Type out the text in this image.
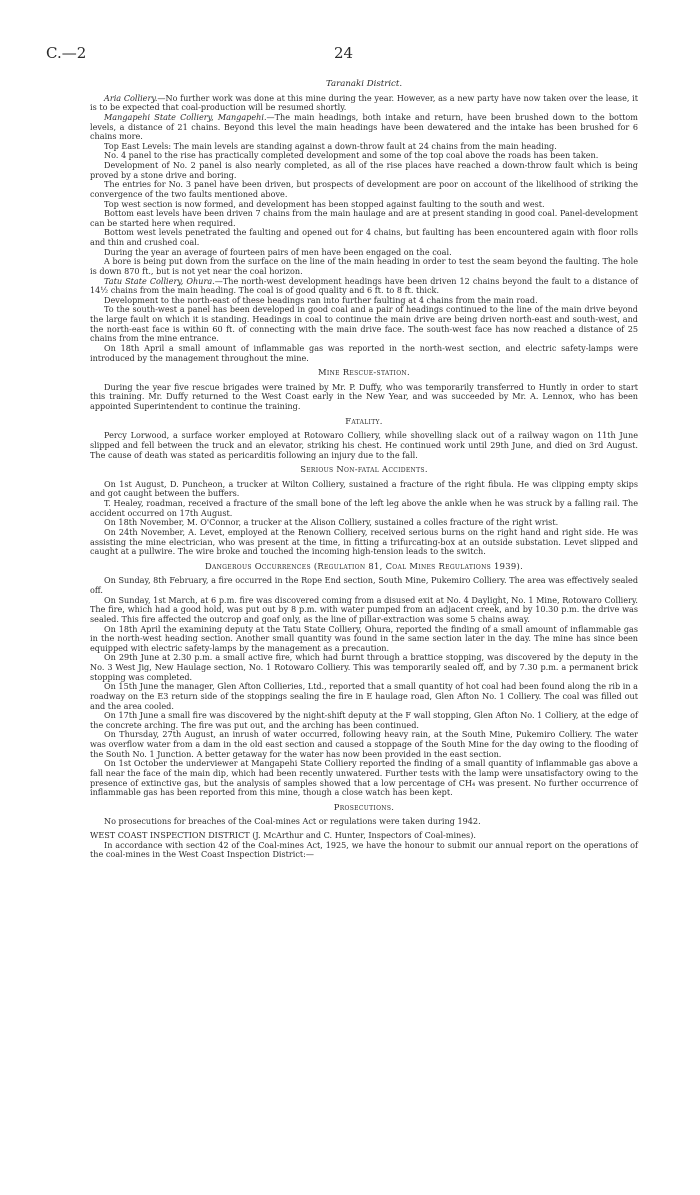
C.—2	24
Taranaki District.

Aria Colliery.—No further work was done at this mine during the year. However, as a new party have now taken over the lease, it is to be expected that coal-production will be resumed shortly.

Mangapehi State Colliery, Mangapehi.—The main headings, both intake and return, have been brushed down to the bottom levels, a distance of 21 chains. Beyond this level the main headings have been dewatered and the intake has been brushed for 6 chains more.

Top East Levels: The main levels are standing against a down-throw fault at 24 chains from the main heading.

No. 4 panel to the rise has practically completed development and some of the top coal above the roads has been taken.

Development of No. 2 panel is also nearly completed, as all of the rise places have reached a down-throw fault which is being proved by a stone drive and boring.

The entries for No. 3 panel have been driven, but prospects of development are poor on account of the likelihood of striking the convergence of the two faults mentioned above.

Top west section is now formed, and development has been stopped against faulting to the south and west.

Bottom east levels have been driven 7 chains from the main haulage and are at present standing in good coal. Panel-development can be started here when required.

Bottom west levels penetrated the faulting and opened out for 4 chains, but faulting has been encountered again with floor rolls and thin and crushed coal.

During the year an average of fourteen pairs of men have been engaged on the coal.

A bore is being put down from the surface on the line of the main heading in order to test the seam beyond the faulting. The hole is down 870 ft., but is not yet near the coal horizon.

Tatu State Colliery, Ohura.—The north-west development headings have been driven 12 chains beyond the fault to a distance of 14½ chains from the main heading. The coal is of good quality and 6 ft. to 8 ft. thick.

Development to the north-east of these headings ran into further faulting at 4 chains from the main road.

To the south-west a panel has been developed in good coal and a pair of headings continued to the line of the main drive beyond the large fault on which it is standing. Headings in coal to continue the main drive are being driven north-east and south-west, and the north-east face is within 60 ft. of connecting with the main drive face. The south-west face has now reached a distance of 25 chains from the mine entrance.

On 18th April a small amount of inflammable gas was reported in the north-west section, and electric safety-lamps were introduced by the management throughout the mine.

Mine Rescue-station.

During the year five rescue brigades were trained by Mr. P. Duffy, who was temporarily transferred to Huntly in order to start this training. Mr. Duffy returned to the West Coast early in the New Year, and was succeeded by Mr. A. Lennox, who has been appointed Superintendent to continue the training.

Fatality.

Percy Lorwood, a surface worker employed at Rotowaro Colliery, while shovelling slack out of a railway wagon on 11th June slipped and fell between the truck and an elevator, striking his chest. He continued work until 29th June, and died on 3rd August. The cause of death was stated as pericarditis following an injury due to the fall.

Serious Non-fatal Accidents.

On 1st August, D. Puncheon, a trucker at Wilton Colliery, sustained a fracture of the right fibula. He was clipping empty skips and got caught between the buffers.

T. Healey, roadman, received a fracture of the small bone of the left leg above the ankle when he was struck by a falling rail. The accident occurred on 17th August.

On 18th November, M. O'Connor, a trucker at the Alison Colliery, sustained a colles fracture of the right wrist.

On 24th November, A. Levet, employed at the Renown Colliery, received serious burns on the right hand and right side. He was assisting the mine electrician, who was present at the time, in fitting a trifurcating-box at an outside substation. Levet slipped and caught at a pullwire. The wire broke and touched the incoming high-tension leads to the switch.

Dangerous Occurrences (Regulation 81, Coal Mines Regulations 1939).

On Sunday, 8th February, a fire occurred in the Rope End section, South Mine, Pukemiro Colliery. The area was effectively sealed off.

On Sunday, 1st March, at 6 p.m. fire was discovered coming from a disused exit at No. 4 Daylight, No. 1 Mine, Rotowaro Colliery. The fire, which had a good hold, was put out by 8 p.m. with water pumped from an adjacent creek, and by 10.30 p.m. the drive was sealed. This fire affected the outcrop and goaf only, as the line of pillar-extraction was some 5 chains away.

On 18th April the examining deputy at the Tatu State Colliery, Ohura, reported the finding of a small amount of inflammable gas in the north-west heading section. Another small quantity was found in the same section later in the day. The mine has since been equipped with electric safety-lamps by the management as a precaution.

On 29th June at 2.30 p.m. a small active fire, which had burnt through a brattice stopping, was discovered by the deputy in the No. 3 West Jig, New Haulage section, No. 1 Rotowaro Colliery. This was temporarily sealed off, and by 7.30 p.m. a permanent brick stopping was completed.

On 15th June the manager, Glen Afton Collieries, Ltd., reported that a small quantity of hot coal had been found along the rib in a roadway on the E3 return side of the stoppings sealing the fire in E haulage road, Glen Afton No. 1 Colliery. The coal was filled out and the area cooled.

On 17th June a small fire was discovered by the night-shift deputy at the F wall stopping, Glen Afton No. 1 Colliery, at the edge of the concrete arching. The fire was put out, and the arching has been continued.

On Thursday, 27th August, an inrush of water occurred, following heavy rain, at the South Mine, Pukemiro Colliery. The water was overflow water from a dam in the old east section and caused a stoppage of the South Mine for the day owing to the flooding of the South No. 1 Junction. A better getaway for the water has now been provided in the east section.

On 1st October the underviewer at Mangapehi State Colliery reported the finding of a small quantity of inflammable gas above a fall near the face of the main dip, which had been recently unwatered. Further tests with the lamp were unsatisfactory owing to the presence of extinctive gas, but the analysis of samples showed that a low percentage of CH₄ was present. No further occurrence of inflammable gas has been reported from this mine, though a close watch has been kept.

Prosecutions.

No prosecutions for breaches of the Coal-mines Act or regulations were taken during 1942.

WEST COAST INSPECTION DISTRICT (J. McArthur and C. Hunter, Inspectors of Coal-mines).

In accordance with section 42 of the Coal-mines Act, 1925, we have the honour to submit our annual report on the operations of the coal-mines in the West Coast Inspection District:—
